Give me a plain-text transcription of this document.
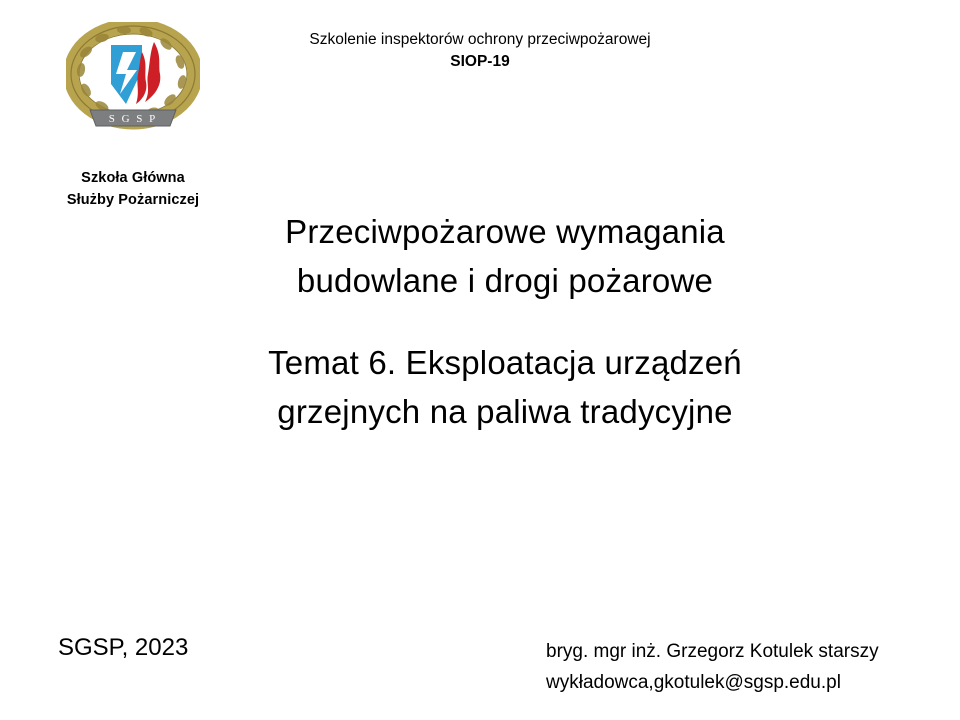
S G S P
Szkoła Główna
Służby Pożarniczej
Szkolenie inspektorów ochrony przeciwpożarowej
SIOP-19
Przeciwpożarowe wymagania
budowlane i drogi pożarowe
Temat 6. Eksploatacja urządzeń
grzejnych na paliwa tradycyjne
SGSP, 2023	bryg. mgr inż. Grzegorz Kotulek starszy
wykładowca,gkotulek@sgsp.edu.pl
